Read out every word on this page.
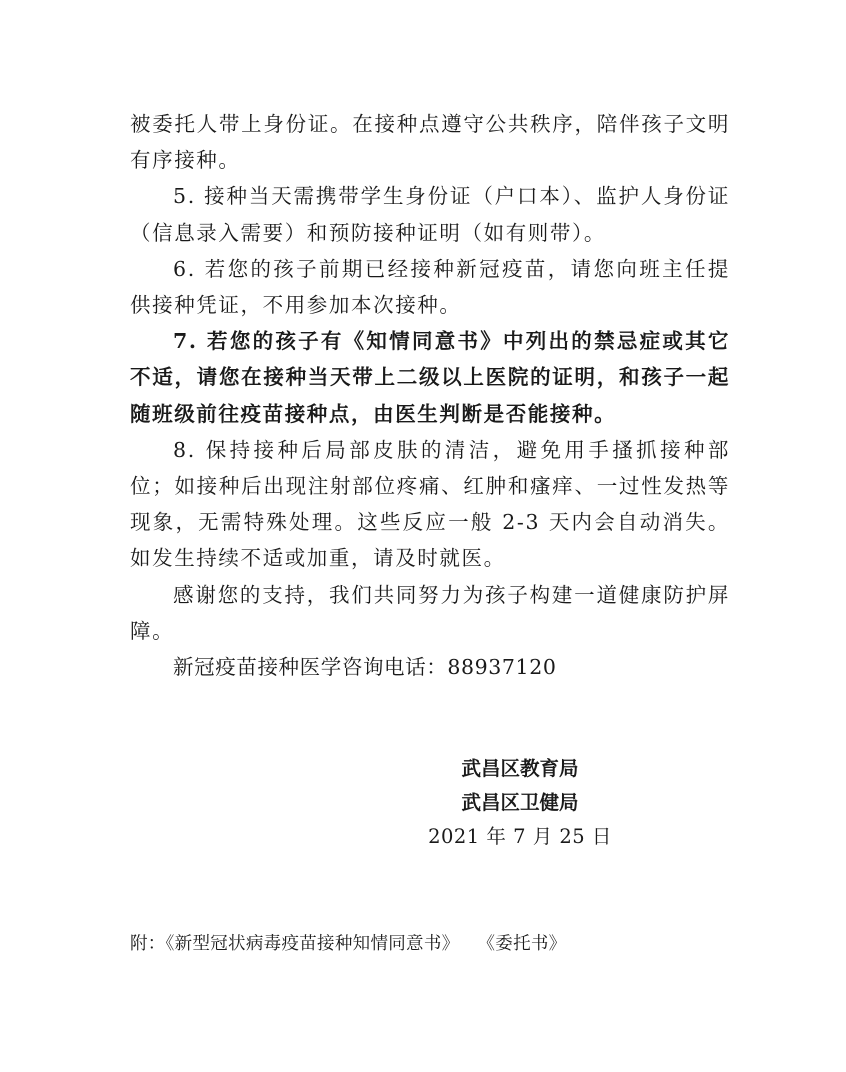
被委托人带上身份证。在接种点遵守公共秩序，陪伴孩子文明有序接种。

5. 接种当天需携带学生身份证（户口本）、监护人身份证（信息录入需要）和预防接种证明（如有则带）。

6. 若您的孩子前期已经接种新冠疫苗，请您向班主任提供接种凭证，不用参加本次接种。

7. 若您的孩子有《知情同意书》中列出的禁忌症或其它不适，请您在接种当天带上二级以上医院的证明，和孩子一起随班级前往疫苗接种点，由医生判断是否能接种。

8. 保持接种后局部皮肤的清洁，避免用手搔抓接种部位；如接种后出现注射部位疼痛、红肿和瘙痒、一过性发热等现象，无需特殊处理。这些反应一般 2-3 天内会自动消失。如发生持续不适或加重，请及时就医。

感谢您的支持，我们共同努力为孩子构建一道健康防护屏障。

新冠疫苗接种医学咨询电话：88937120

武昌区教育局
武昌区卫健局
2021 年 7 月 25 日
附：《新型冠状病毒疫苗接种知情同意书》 《委托书》
